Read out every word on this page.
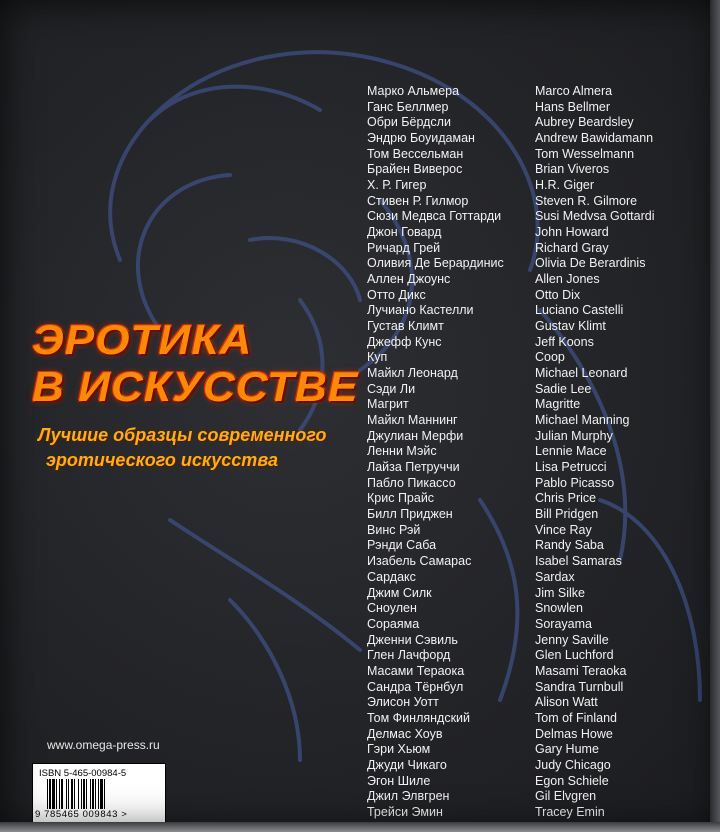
ЭРОТИКА
В ИСКУССТВЕ
Лучшие образцы современного
эротического искусства
Марко Альмера
Ганс Беллмер
Обри Бёрдсли
Эндрю Боуидаман
Том Вессельман
Брайен Виверос
Х. Р. Гигер
Стивен Р. Гилмор
Сюзи Медвса Готтарди
Джон Говард
Ричард Грей
Оливия Де Берардинис
Аллен Джоунс
Отто Дикс
Лучиано Кастелли
Густав Климт
Джефф Кунс
Куп
Майкл Леонард
Сэди Ли
Магрит
Майкл Маннинг
Джулиан Мерфи
Ленни Мэйс
Лайза Петруччи
Пабло Пикассо
Крис Прайс
Билл Приджен
Винс Рэй
Рэнди Саба
Изабель Самарас
Сардакс
Джим Силк
Сноулен
Сораяма
Дженни Сэвиль
Глен Лачфорд
Масами Тераока
Сандра Тёрнбул
Элисон Уотт
Том Финляндский
Делмас Хоув
Гэри Хьюм
Джуди Чикаго
Эгон Шиле
Джил Элвгрен
Трейси Эмин
Marco Almera
Hans Bellmer
Aubrey Beardsley
Andrew Bawidamann
Tom Wesselmann
Brian Viveros
H.R. Giger
Steven R. Gilmore
Susi Medvsa Gottardi
John Howard
Richard Gray
Olivia De Berardinis
Allen Jones
Otto Dix
Luciano Castelli
Gustav Klimt
Jeff Koons
Coop
Michael Leonard
Sadie Lee
Magritte
Michael Manning
Julian Murphy
Lennie Mace
Lisa Petrucci
Pablo Picasso
Chris Price
Bill Pridgen
Vince Ray
Randy Saba
Isabel Samaras
Sardax
Jim Silke
Snowlen
Sorayama
Jenny Saville
Glen Luchford
Masami Teraoka
Sandra Turnbull
Alison Watt
Tom of Finland
Delmas Howe
Gary Hume
Judy Chicago
Egon Schiele
Gil Elvgren
Tracey Emin
www.omega-press.ru
ISBN 5-465-00984-5
9 785465 009843 >
